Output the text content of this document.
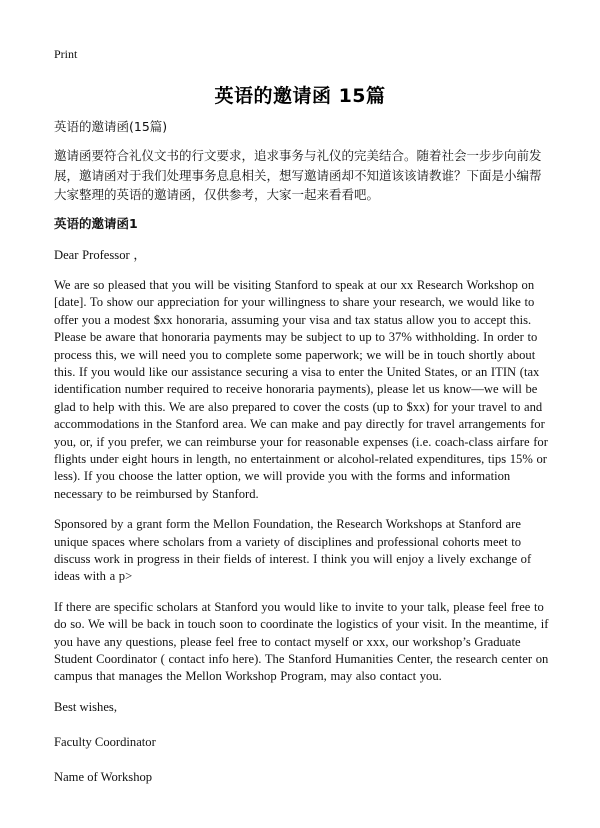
Print
英语的邀请函 15篇

英语的邀请函(15篇)

邀请函要符合礼仪文书的行文要求，追求事务与礼仪的完美结合。随着社会一步步向前发展，邀请函对于我们处理事务息息相关，想写邀请函却不知道该该请教谁？下面是小编帮大家整理的英语的邀请函，仅供参考，大家一起来看看吧。

英语的邀请函1

Dear Professor ，

We are so pleased that you will be visiting Stanford to speak at our xx Research Workshop on [date]. To show our appreciation for your willingness to share your research, we would like to offer you a modest $xx honoraria, assuming your visa and tax status allow you to accept this. Please be aware that honoraria payments may be subject to up to 37% withholding. In order to process this, we will need you to complete some paperwork; we will be in touch shortly about this. If you would like our assistance securing a visa to enter the United States, or an ITIN (tax identification number required to receive honoraria payments), please let us know—we will be glad to help with this. We are also prepared to cover the costs (up to $xx) for your travel to and accommodations in the Stanford area. We can make and pay directly for travel arrangements for you, or, if you prefer, we can reimburse your for reasonable expenses (i.e. coach-class airfare for flights under eight hours in length, no entertainment or alcohol-related expenditures, tips 15% or less). If you choose the latter option, we will provide you with the forms and information necessary to be reimbursed by Stanford.

Sponsored by a grant form the Mellon Foundation, the Research Workshops at Stanford are unique spaces where scholars from a variety of disciplines and professional cohorts meet to discuss work in progress in their fields of interest. I think you will enjoy a lively exchange of ideas with a p>

If there are specific scholars at Stanford you would like to invite to your talk, please feel free to do so. We will be back in touch soon to coordinate the logistics of your visit. In the meantime, if you have any questions, please feel free to contact myself or xxx, our workshop’s Graduate Student Coordinator ( contact info here). The Stanford Humanities Center, the research center on campus that manages the Mellon Workshop Program, may also contact you.

Best wishes,

Faculty Coordinator

Name of Workshop
